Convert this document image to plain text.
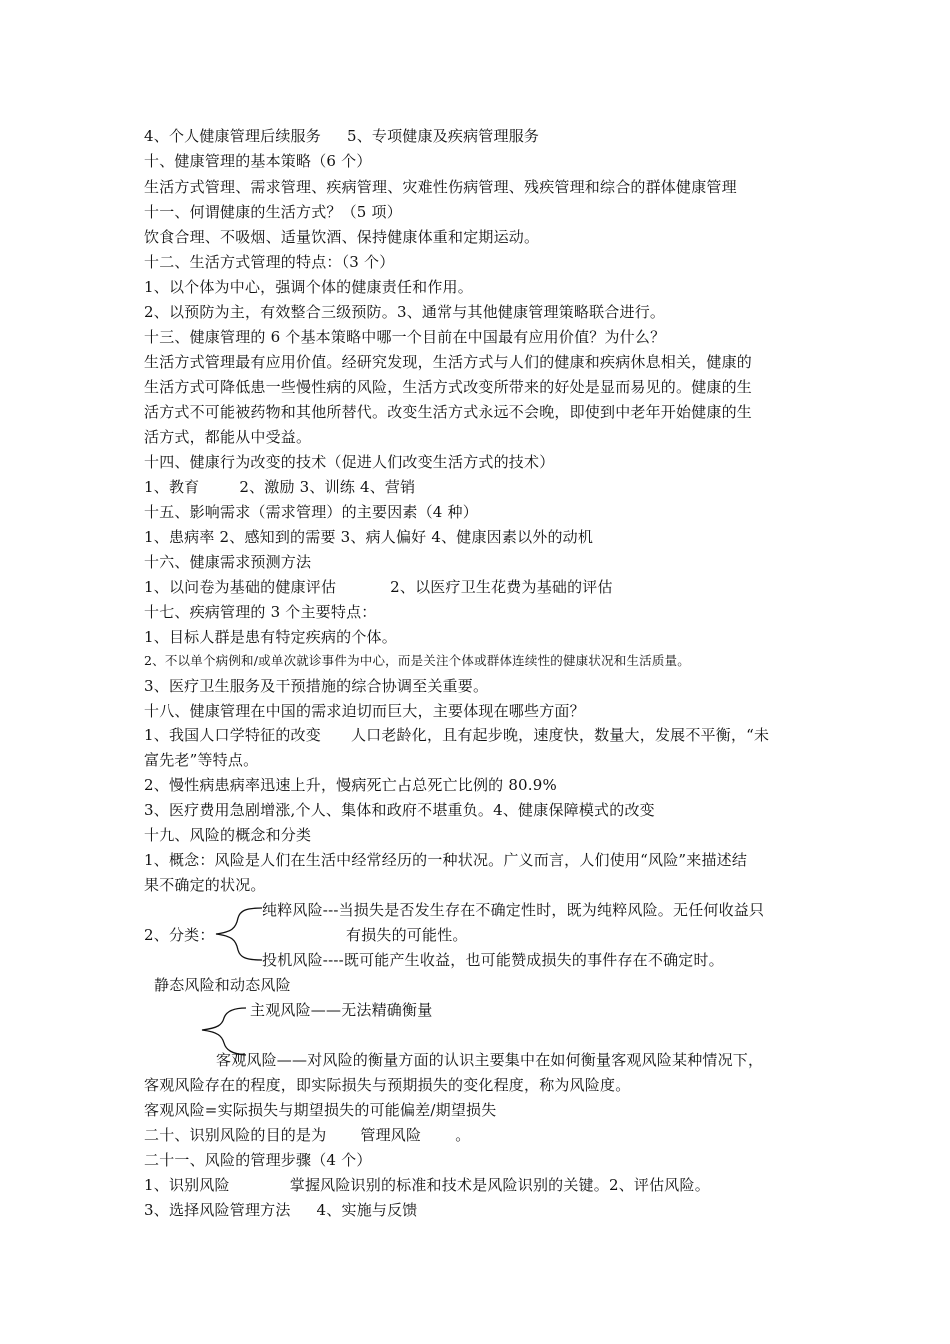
4、个人健康管理后续服务 5、专项健康及疾病管理服务
十、健康管理的基本策略（6 个）
生活方式管理、需求管理、疾病管理、灾难性伤病管理、残疾管理和综合的群体健康管理
十一、何谓健康的生活方式？（5 项）
饮食合理、不吸烟、适量饮酒、保持健康体重和定期运动。
十二、生活方式管理的特点：（3 个）
1、以个体为中心，强调个体的健康责任和作用。
2、以预防为主，有效整合三级预防。3、通常与其他健康管理策略联合进行。
十三、健康管理的 6 个基本策略中哪一个目前在中国最有应用价值？为什么？
生活方式管理最有应用价值。经研究发现，生活方式与人们的健康和疾病休息相关，健康的
生活方式可降低患一些慢性病的风险，生活方式改变所带来的好处是显而易见的。健康的生
活方式不可能被药物和其他所替代。改变生活方式永远不会晚，即使到中老年开始健康的生
活方式，都能从中受益。
十四、健康行为改变的技术（促进人们改变生活方式的技术）
1、教育	2、激励 3、训练 4、营销
十五、影响需求（需求管理）的主要因素（4 种）
1、患病率 2、感知到的需要 3、病人偏好 4、健康因素以外的动机
十六、健康需求预测方法
1、以问卷为基础的健康评估	2、以医疗卫生花费为基础的评估
十七、疾病管理的 3 个主要特点：
1、目标人群是患有特定疾病的个体。
2、不以单个病例和/或单次就诊事件为中心，而是关注个体或群体连续性的健康状况和生活质量。
3、医疗卫生服务及干预措施的综合协调至关重要。
十八、健康管理在中国的需求迫切而巨大，主要体现在哪些方面？
1、我国人口学特征的改变 人口老龄化，且有起步晚，速度快，数量大，发展不平衡，“未
富先老”等特点。
2、慢性病患病率迅速上升，慢病死亡占总死亡比例的 80.9%
3、医疗费用急剧增涨,个人、集体和政府不堪重负。4、健康保障模式的改变
十九、风险的概念和分类
1、概念：风险是人们在生活中经常经历的一种状况。广义而言，人们使用“风险”来描述结
果不确定的状况。
2、分类：
纯粹风险---当损失是否发生存在不确定性时，既为纯粹风险。无任何收益只
有损失的可能性。
投机风险----既可能产生收益，也可能赞成损失的事件存在不确定时。
静态风险和动态风险
主观风险——无法精确衡量
客观风险——对风险的衡量方面的认识主要集中在如何衡量客观风险某种情况下，
客观风险存在的程度，即实际损失与预期损失的变化程度，称为风险度。
客观风险=实际损失与期望损失的可能偏差/期望损失
二十、识别风险的目的是为 管理风险 。
二十一、风险的管理步骤（4 个）
1、识别风险	掌握风险识别的标准和技术是风险识别的关键。2、评估风险。
3、选择风险管理方法 4、实施与反馈
